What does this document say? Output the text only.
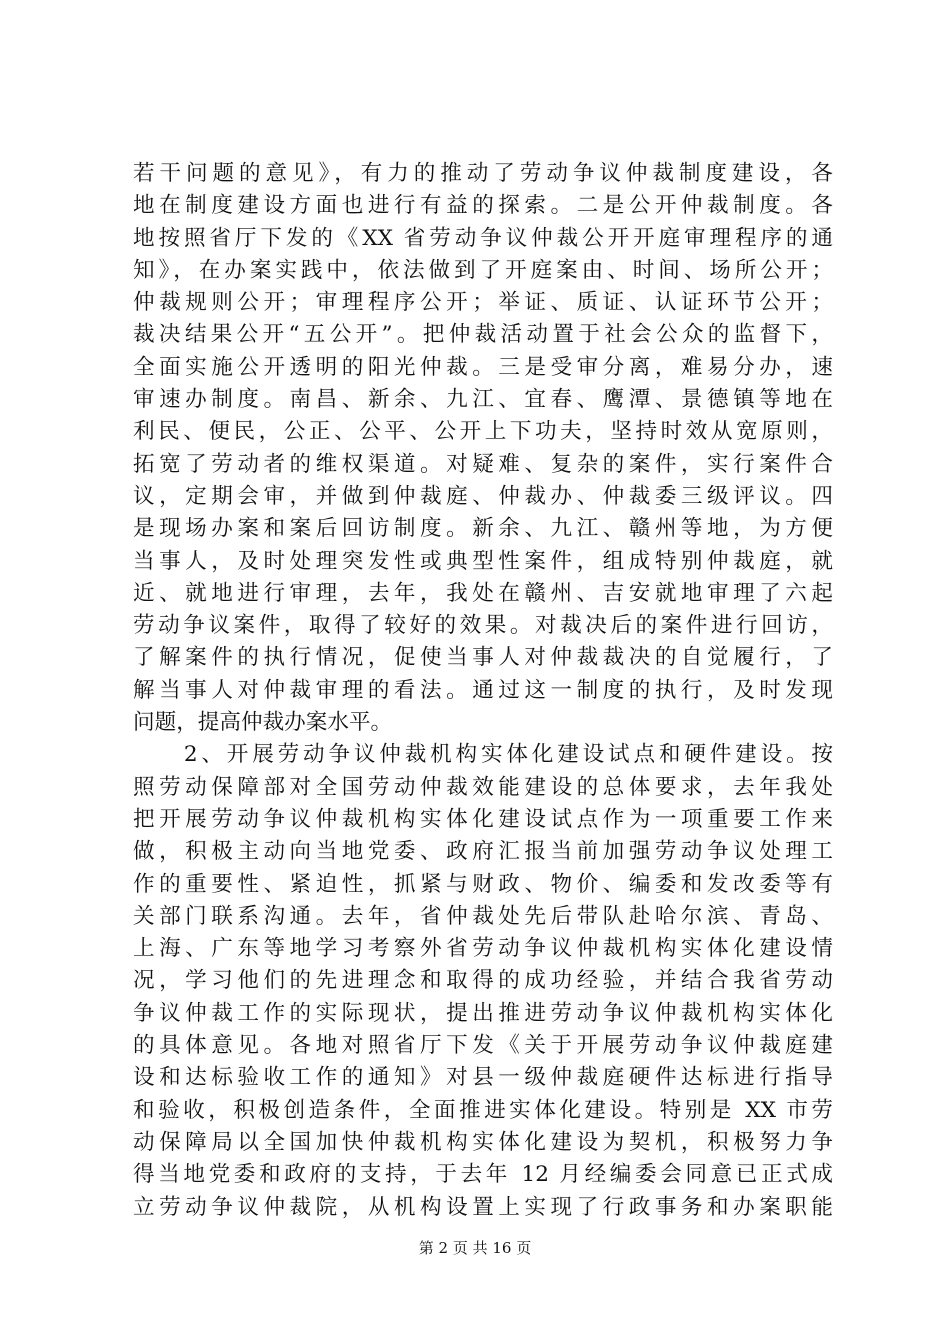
若干问题的意见》，有力的推动了劳动争议仲裁制度建设，各
地在制度建设方面也进行有益的探索。二是公开仲裁制度。各
地按照省厅下发的《XX 省劳动争议仲裁公开开庭审理程序的通
知》，在办案实践中，依法做到了开庭案由、时间、场所公开；
仲裁规则公开；审理程序公开；举证、质证、认证环节公开；
裁决结果公开“五公开”。把仲裁活动置于社会公众的监督下，
全面实施公开透明的阳光仲裁。三是受审分离，难易分办，速
审速办制度。南昌、新余、九江、宜春、鹰潭、景德镇等地在
利民、便民，公正、公平、公开上下功夫，坚持时效从宽原则，
拓宽了劳动者的维权渠道。对疑难、复杂的案件，实行案件合
议，定期会审，并做到仲裁庭、仲裁办、仲裁委三级评议。四
是现场办案和案后回访制度。新余、九江、赣州等地，为方便
当事人，及时处理突发性或典型性案件，组成特别仲裁庭，就
近、就地进行审理，去年，我处在赣州、吉安就地审理了六起
劳动争议案件，取得了较好的效果。对裁决后的案件进行回访，
了解案件的执行情况，促使当事人对仲裁裁决的自觉履行，了
解当事人对仲裁审理的看法。通过这一制度的执行，及时发现
问题，提高仲裁办案水平。
　　2、开展劳动争议仲裁机构实体化建设试点和硬件建设。按
照劳动保障部对全国劳动仲裁效能建设的总体要求，去年我处
把开展劳动争议仲裁机构实体化建设试点作为一项重要工作来
做，积极主动向当地党委、政府汇报当前加强劳动争议处理工
作的重要性、紧迫性，抓紧与财政、物价、编委和发改委等有
关部门联系沟通。去年，省仲裁处先后带队赴哈尔滨、青岛、
上海、广东等地学习考察外省劳动争议仲裁机构实体化建设情
况，学习他们的先进理念和取得的成功经验，并结合我省劳动
争议仲裁工作的实际现状，提出推进劳动争议仲裁机构实体化
的具体意见。各地对照省厅下发《关于开展劳动争议仲裁庭建
设和达标验收工作的通知》对县一级仲裁庭硬件达标进行指导
和验收，积极创造条件，全面推进实体化建设。特别是 XX 市劳
动保障局以全国加快仲裁机构实体化建设为契机，积极努力争
得当地党委和政府的支持，于去年 12 月经编委会同意已正式成
立劳动争议仲裁院，从机构设置上实现了行政事务和办案职能
第 2 页 共 16 页
